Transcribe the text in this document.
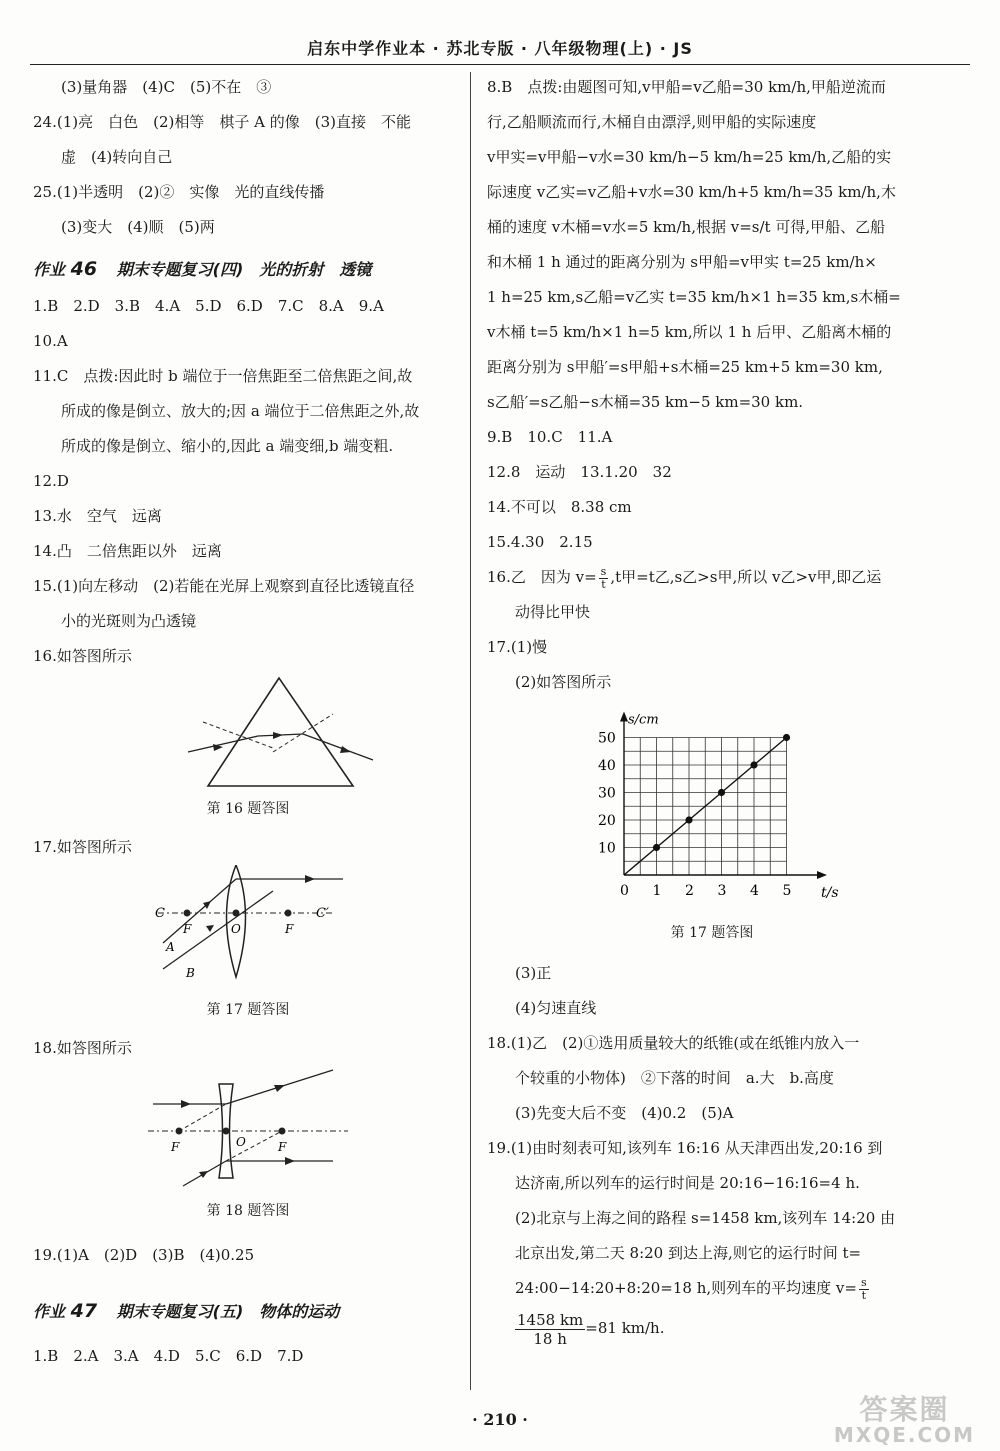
启东中学作业本 · 苏北专版 · 八年级物理(上) · JS
(3)量角器　(4)C　(5)不在　③
24.(1)亮　白色　(2)相等　棋子 A 的像　(3)直接　不能
虚　(4)转向自己
25.(1)半透明　(2)②　实像　光的直线传播
(3)变大　(4)顺　(5)两
作业 46 期末专题复习(四)　光的折射　透镜
1.B　2.D　3.B　4.A　5.D　6.D　7.C　8.A　9.A
10.A
11.C　点拨:因此时 b 端位于一倍焦距至二倍焦距之间,故
所成的像是倒立、放大的;因 a 端位于二倍焦距之外,故
所成的像是倒立、缩小的,因此 a 端变细,b 端变粗.
12.D
13.水　空气　远离
14.凸　二倍焦距以外　远离
15.(1)向左移动　(2)若能在光屏上观察到直径比透镜直径
小的光斑则为凸透镜
16.如答图所示
第 16 题答图
17.如答图所示
C	C′
F	O	F
A
B
第 17 题答图
18.如答图所示
F	O	F
第 18 题答图
19.(1)A　(2)D　(3)B　(4)0.25
作业 47 期末专题复习(五)　物体的运动
1.B　2.A　3.A　4.D　5.C　6.D　7.D
8.B　点拨:由题图可知,v甲船=v乙船=30 km/h,甲船逆流而
行,乙船顺流而行,木桶自由漂浮,则甲船的实际速度
v甲实=v甲船−v水=30 km/h−5 km/h=25 km/h,乙船的实
际速度 v乙实=v乙船+v水=30 km/h+5 km/h=35 km/h,木
桶的速度 v木桶=v水=5 km/h,根据 v=s/t 可得,甲船、乙船
和木桶 1 h 通过的距离分别为 s甲船=v甲实 t=25 km/h×
1 h=25 km,s乙船=v乙实 t=35 km/h×1 h=35 km,s木桶=
v木桶 t=5 km/h×1 h=5 km,所以 1 h 后甲、乙船离木桶的
距离分别为 s甲船′=s甲船+s木桶=25 km+5 km=30 km,
s乙船′=s乙船−s木桶=35 km−5 km=30 km.
9.B　10.C　11.A
12.8　运动　13.1.20　32
14.不可以　8.38 cm
15.4.30　2.15
16.乙　因为 $v= \frac{s}{t} ,t$甲=t乙,s乙>s甲,所以 v乙>v甲,即乙运
动得比甲快
17.(1)慢
(2)如答图所示
0 1 2 3 4 5
10
20
30
40
50
t/s
s/cm
第 17 题答图
(3)正
(4)匀速直线
18.(1)乙　(2)①选用质量较大的纸锥(或在纸锥内放入一
个较重的小物体)　②下落的时间　a.大　b.高度
(3)先变大后不变　(4)0.2　(5)A
19.(1)由时刻表可知,该列车 16:16 从天津西出发,20:16 到
达济南,所以列车的运行时间是 20:16−16:16=4 h.
(2)北京与上海之间的路程 s=1458 km,该列车 14:20 由
北京出发,第二天 8:20 到达上海,则它的运行时间 t=
24:00−14:20+8:20=18 h,则列车的平均速度 $v= \frac{s}{t}$
$\frac{1458 km}{18 h}=81$ km/h.
· 210 ·	答案圈
MXQE.COM
